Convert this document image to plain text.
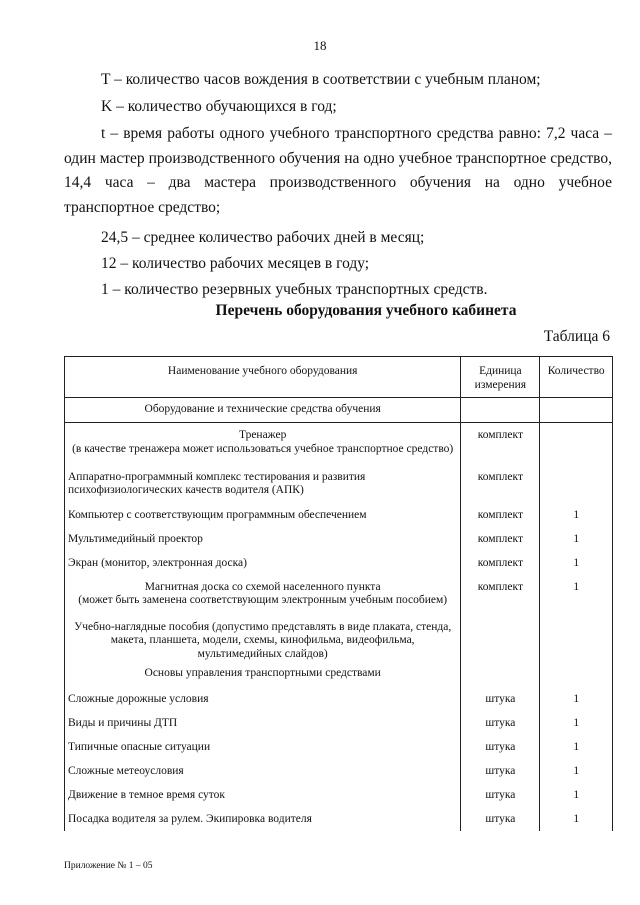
18
T – количество часов вождения в соответствии с учебным планом;
K – количество обучающихся в год;
t – время работы одного учебного транспортного средства равно: 7,2 часа – один мастер производственного обучения на одно учебное транспортное средство, 14,4 часа – два мастера производственного обучения на одно учебное транспортное средство;
24,5 – среднее количество рабочих дней в месяц;
12 – количество рабочих месяцев в году;
1 – количество резервных учебных транспортных средств.
Перечень оборудования учебного кабинета
Таблица 6
Наименование учебного оборудования	Единица измерения	Количество
Оборудование и технические средства обучения		
Тренажер
(в качестве тренажера может использоваться учебное транспортное средство)	комплект	
Аппаратно-программный комплекс тестирования и развития психофизиологических качеств водителя (АПК)	комплект	
Компьютер с соответствующим программным обеспечением	комплект	1
Мультимедийный проектор	комплект	1
Экран (монитор, электронная доска)	комплект	1
Магнитная доска со схемой населенного пункта
(может быть заменена соответствующим электронным учебным пособием)	комплект	1
Учебно-наглядные пособия (допустимо представлять в виде плаката, стенда, макета, планшета, модели, схемы, кинофильма, видеофильма, мультимедийных слайдов)		
Основы управления транспортными средствами		
Сложные дорожные условия	штука	1
Виды и причины ДТП	штука	1
Типичные опасные ситуации	штука	1
Сложные метеоусловия	штука	1
Движение в темное время суток	штука	1
Посадка водителя за рулем. Экипировка водителя	штука	1
Приложение № 1 – 05
